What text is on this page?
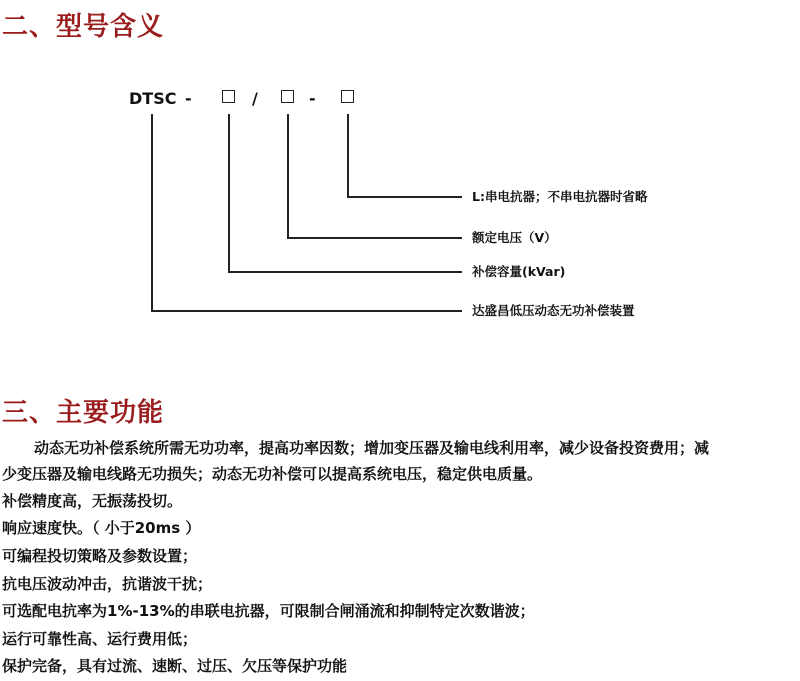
二、型号含义
DTSC -	/	-
L:串电抗器；不串电抗器时省略
额定电压（V）
补偿容量(kVar)
达盛昌低压动态无功补偿装置
三、主要功能

动态无功补偿系统所需无功功率，提高功率因数；增加变压器及输电线利用率，减少设备投资费用；减

少变压器及输电线路无功损失；动态无功补偿可以提高系统电压，稳定供电质量。

补偿精度高，无振荡投切。

响应速度快。（ 小于20ms ）

可编程投切策略及参数设置；

抗电压波动冲击，抗谐波干扰；

可选配电抗率为1%-13%的串联电抗器，可限制合闸涌流和抑制特定次数谐波；

运行可靠性高、运行费用低；

保护完备，具有过流、速断、过压、欠压等保护功能
